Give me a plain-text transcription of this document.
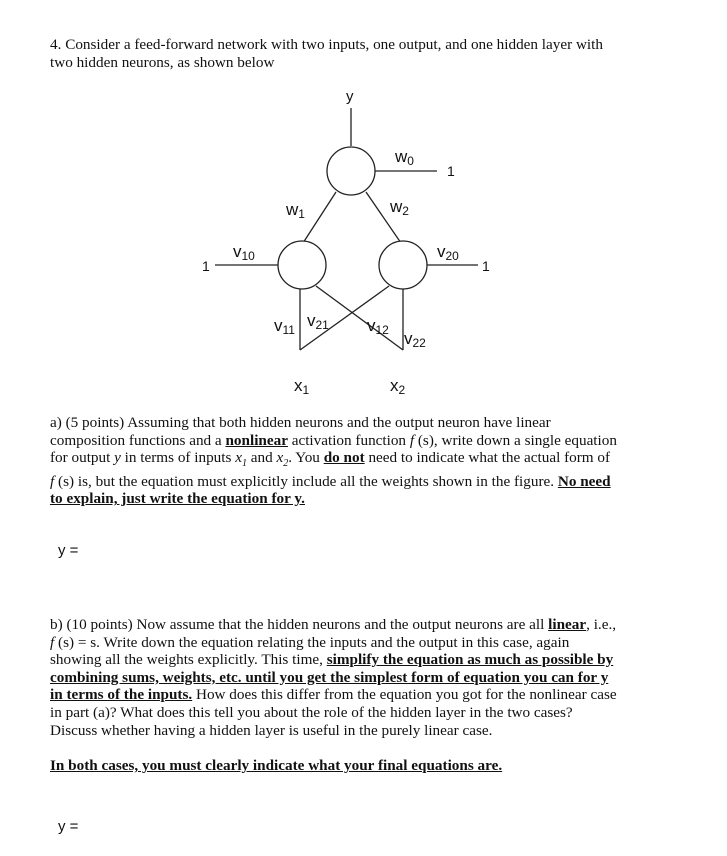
4. Consider a feed-forward network with two inputs, one output, and one hidden layer with
two hidden neurons, as shown below
y
w0
1
w1	w2
v10
1
v20
1
v11 v21 v12 v22
x1	x2
a) (5 points) Assuming that both hidden neurons and the output neuron have linear
composition functions and a nonlinear activation function f (s), write down a single equation
for output y in terms of inputs $x_1$ and $x_2$. You do not need to indicate what the actual form of
f (s) is, but the equation must explicitly include all the weights shown in the figure. No need
to explain, just write the equation for y.
y =
b) (10 points) Now assume that the hidden neurons and the output neurons are all linear, i.e.,
f (s) = s. Write down the equation relating the inputs and the output in this case, again
showing all the weights explicitly. This time, simplify the equation as much as possible by
combining sums, weights, etc. until you get the simplest form of equation you can for y
in terms of the inputs. How does this differ from the equation you got for the nonlinear case
in part (a)? What does this tell you about the role of the hidden layer in the two cases?
Discuss whether having a hidden layer is useful in the purely linear case.
In both cases, you must clearly indicate what your final equations are.
y =
